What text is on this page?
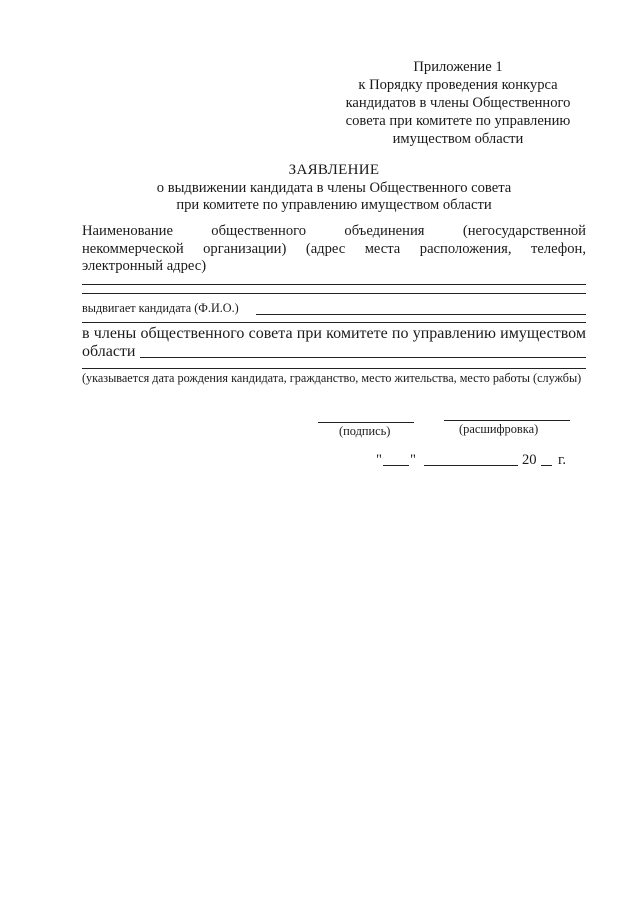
Приложение 1
к Порядку проведения конкурса
кандидатов в члены Общественного
совета при комитете по управлению
имуществом области
ЗАЯВЛЕНИЕ
о выдвижении кандидата в члены Общественного совета
при комитете по управлению имуществом области
Наименование общественного объединения (негосударственной некоммерческой организации) (адрес места расположения, телефон, электронный адрес)
выдвигает кандидата (Ф.И.О.)
в члены общественного совета при комитете по управлению имуществом
области
(указывается дата рождения кандидата, гражданство, место жительства, место работы (службы)
(подпись)	(расшифровка)
" "	20 г.
